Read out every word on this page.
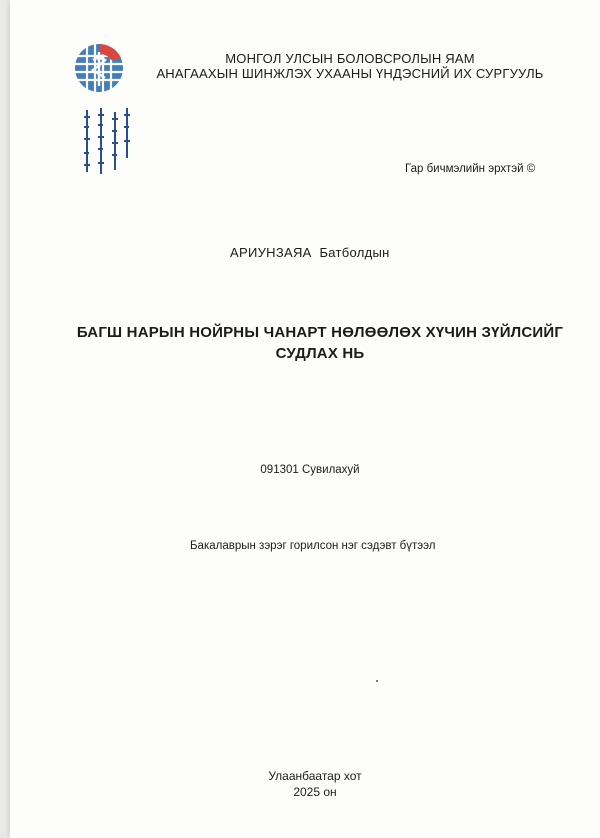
МОНГОЛ УЛСЫН БОЛОВСРОЛЫН ЯАМ
АНАГААХЫН ШИНЖЛЭХ УХААНЫ ҮНДЭСНИЙ ИХ СУРГУУЛЬ
Гар бичмэлийн эрхтэй ©
АРИУНЗАЯА  Батболдын
БАГШ НАРЫН НОЙРНЫ ЧАНАРТ НӨЛӨӨЛӨХ ХҮЧИН ЗҮЙЛСИЙГ
СУДЛАХ НЬ
091301 Сувилахуй
Бакалаврын зэрэг горилсон нэг сэдэвт бүтээл
Улаанбаатар хот
2025 он
